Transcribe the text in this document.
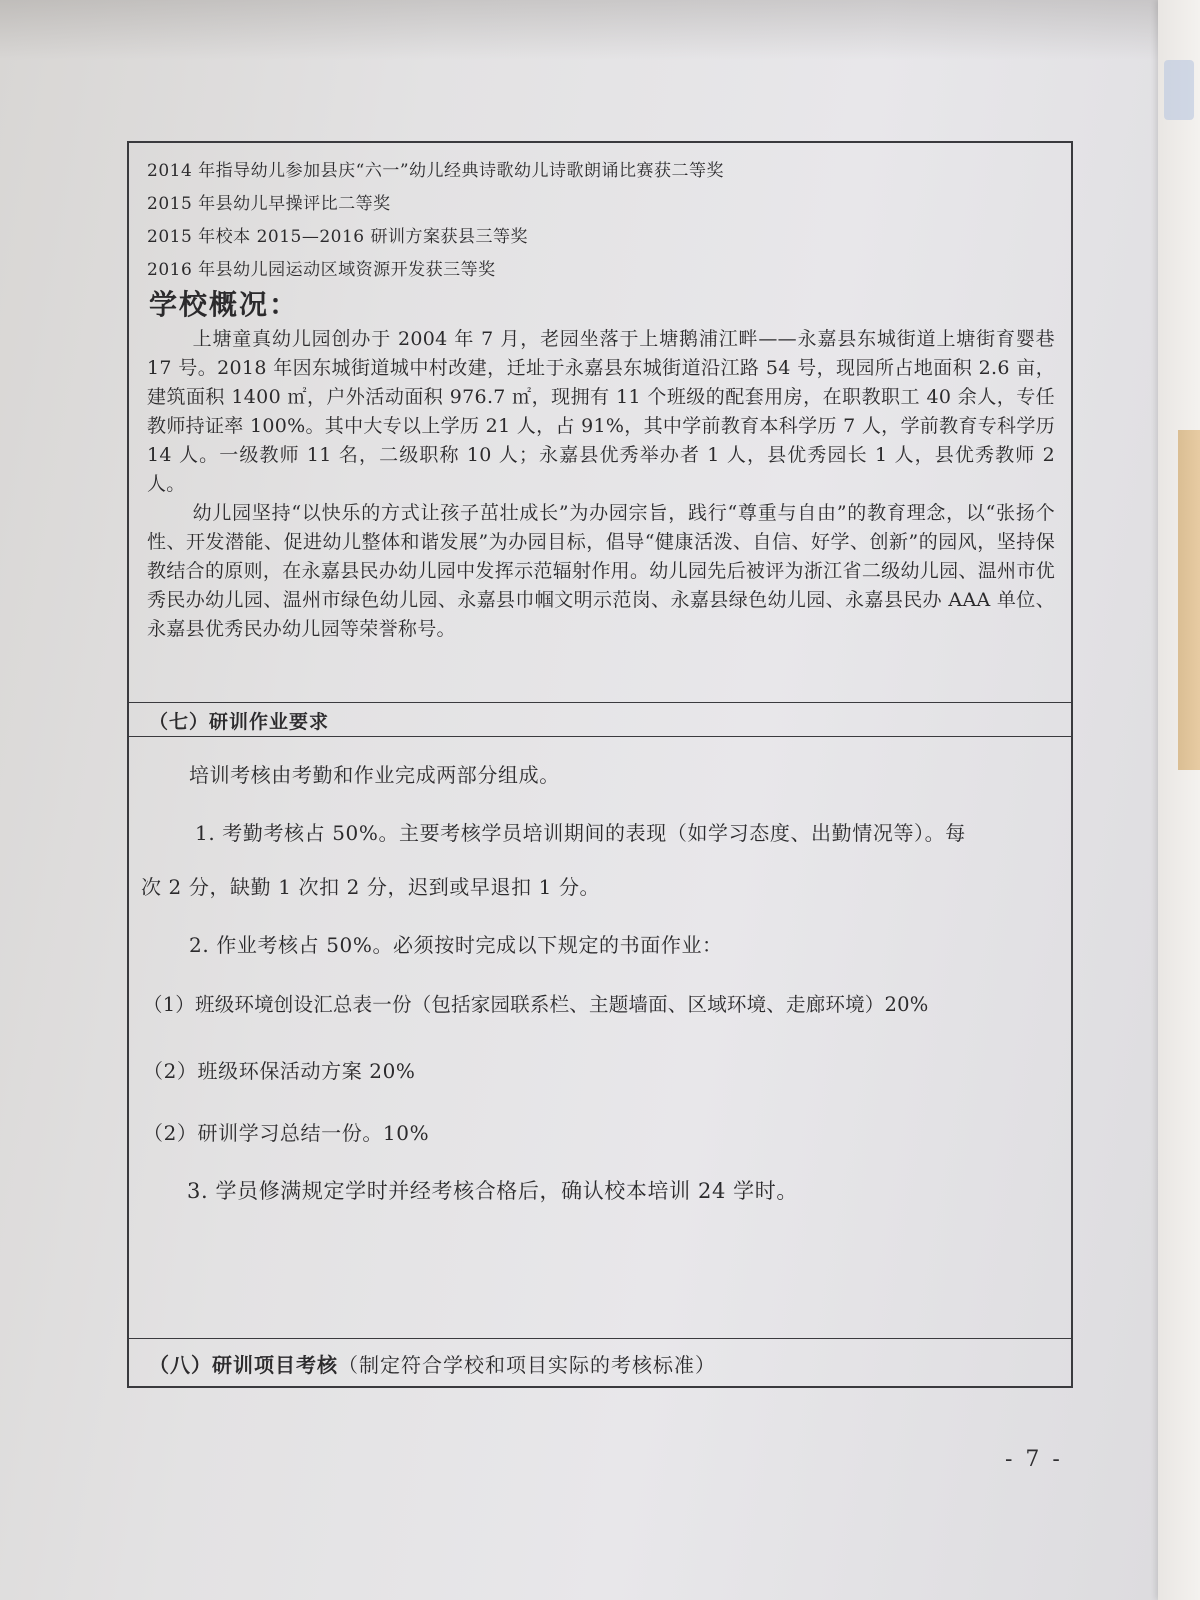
2014 年指导幼儿参加县庆“六一”幼儿经典诗歌幼儿诗歌朗诵比赛获二等奖
2015 年县幼儿早操评比二等奖
2015 年校本 2015—2016 研训方案获县三等奖
2016 年县幼儿园运动区域资源开发获三等奖
学校概况：

上塘童真幼儿园创办于 2004 年 7 月，老园坐落于上塘鹅浦江畔——永嘉县东城街道上塘街育婴巷 17 号。2018 年因东城街道城中村改建，迁址于永嘉县东城街道沿江路 54 号，现园所占地面积 2.6 亩，建筑面积 1400 ㎡，户外活动面积 976.7 ㎡，现拥有 11 个班级的配套用房，在职教职工 40 余人，专任教师持证率 100%。其中大专以上学历 21 人，占 91%，其中学前教育本科学历 7 人，学前教育专科学历 14 人。一级教师 11 名，二级职称 10 人；永嘉县优秀举办者 1 人，县优秀园长 1 人，县优秀教师 2 人。

幼儿园坚持“以快乐的方式让孩子茁壮成长”为办园宗旨，践行“尊重与自由”的教育理念，以“张扬个性、开发潜能、促进幼儿整体和谐发展”为办园目标，倡导“健康活泼、自信、好学、创新”的园风，坚持保教结合的原则，在永嘉县民办幼儿园中发挥示范辐射作用。幼儿园先后被评为浙江省二级幼儿园、温州市优秀民办幼儿园、温州市绿色幼儿园、永嘉县巾帼文明示范岗、永嘉县绿色幼儿园、永嘉县民办 AAA 单位、永嘉县优秀民办幼儿园等荣誉称号。

（七）研训作业要求
培训考核由考勤和作业完成两部分组成。
1. 考勤考核占 50%。主要考核学员培训期间的表现（如学习态度、出勤情况等）。每
次 2 分，缺勤 1 次扣 2 分，迟到或早退扣 1 分。
2. 作业考核占 50%。必须按时完成以下规定的书面作业：
（1）班级环境创设汇总表一份（包括家园联系栏、主题墙面、区域环境、走廊环境）20%
（2）班级环保活动方案 20%
（2）研训学习总结一份。10%
3. 学员修满规定学时并经考核合格后，确认校本培训 24 学时。
（八）研训项目考核（制定符合学校和项目实际的考核标准）
- 7 -
